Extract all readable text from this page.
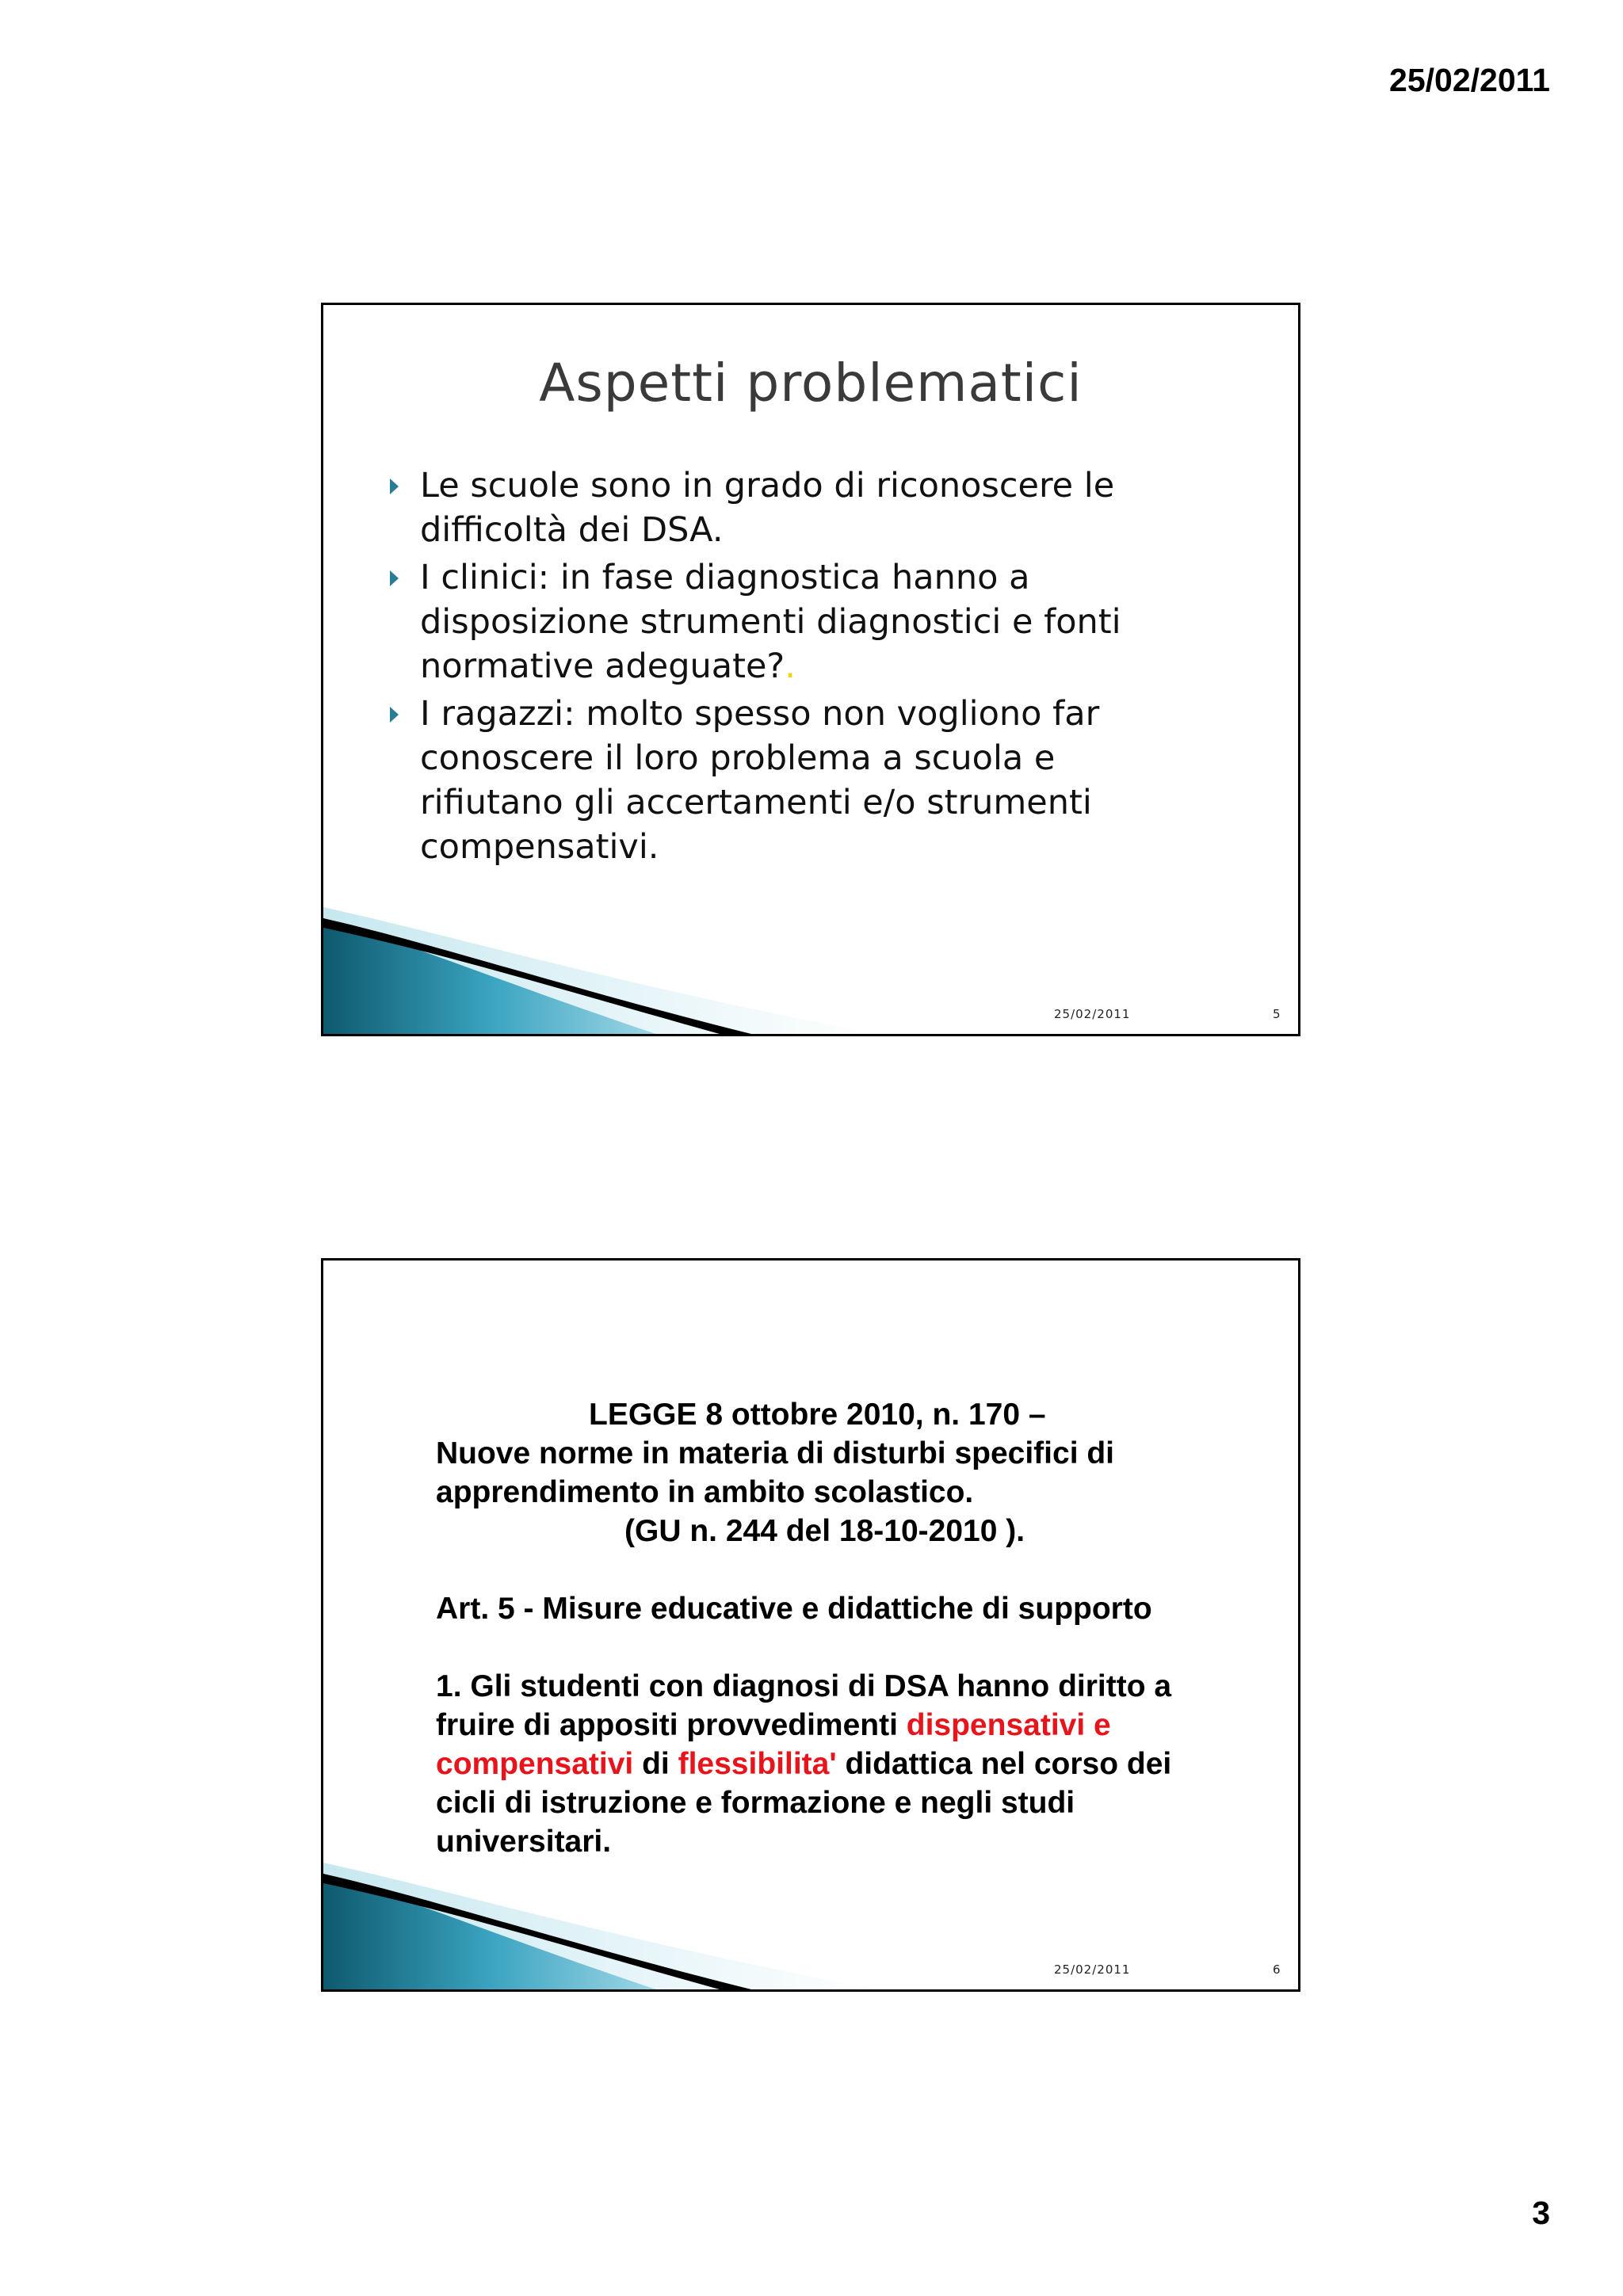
25/02/2011
Aspetti problematici
Le scuole sono in grado di riconoscere le
difficoltà dei DSA.
I clinici: in fase diagnostica hanno a
disposizione strumenti diagnostici e fonti
normative adeguate?.
I ragazzi: molto spesso non vogliono far
conoscere il loro problema a scuola e
rifiutano gli accertamenti e/o strumenti
compensativi.
25/02/2011	5
LEGGE 8 ottobre 2010, n. 170 –
Nuove norme in materia di disturbi specifici di
apprendimento in ambito scolastico.
(GU n. 244 del 18-10-2010 ).
Art. 5 - Misure educative e didattiche di supporto
1. Gli studenti con diagnosi di DSA hanno diritto a
fruire di appositi provvedimenti dispensativi e
compensativi di flessibilita' didattica nel corso dei
cicli di istruzione e formazione e negli studi
universitari.
25/02/2011	6
3
